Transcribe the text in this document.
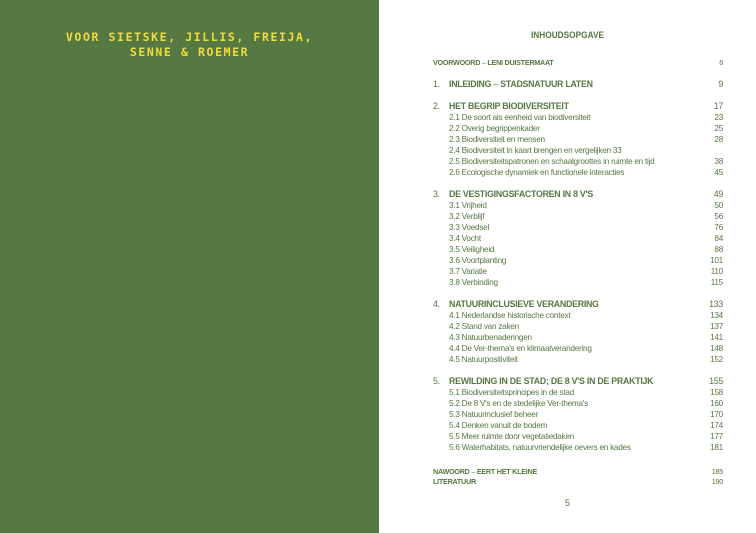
VOOR SIETSKE, JILLIS, FREIJA,
SENNE & ROEMER
INHOUDSOPGAVE
VOORWOORD – LENI DUISTERMAAT	6
1. INLEIDING – STADSNATUUR LATEN	9
2. HET BEGRIP BIODIVERSITEIT	17
2.1 De soort als eenheid van biodiversiteit	23
2.2 Overig begrippenkader	25
2.3 Biodiversiteit en mensen	28
2.4 Biodiversiteit in kaart brengen en vergelijken 33
2.5 Biodiversiteitspatronen en schaalgroottes in ruimte en tijd	38
2.6 Ecologische dynamiek en functionele interacties	45
3. DE VESTIGINGSFACTOREN IN 8 V'S	49
3.1 Vrijheid	50
3.2 Verblijf	56
3.3 Voedsel	76
3.4 Vocht	84
3.5 Veiligheid	88
3.6 Voortplanting	101
3.7 Variatie	110
3.8 Verbinding	115
4. NATUURINCLUSIEVE VERANDERING	133
4.1 Nederlandse historische context	134
4.2 Stand van zaken	137
4.3 Natuurbenaderingen	141
4.4 De Ver-thema's en klimaatverandering	148
4.5 Natuurpositiviteit	152
5. REWILDING IN DE STAD; DE 8 V'S IN DE PRAKTIJK	155
5.1 Biodiversiteitsprincipes in de stad	158
5.2 De 8 V's en de stedelijke Ver-thema's	160
5.3 Natuurinclusief beheer	170
5.4 Denken vanuit de bodem	174
5.5 Meer ruimte door vegetatiedaken	177
5.6 Waterhabitats, natuurvriendelijke oevers en kades	181
NAWOORD – EERT HET KLEINE	185
LITERATUUR	190
5
